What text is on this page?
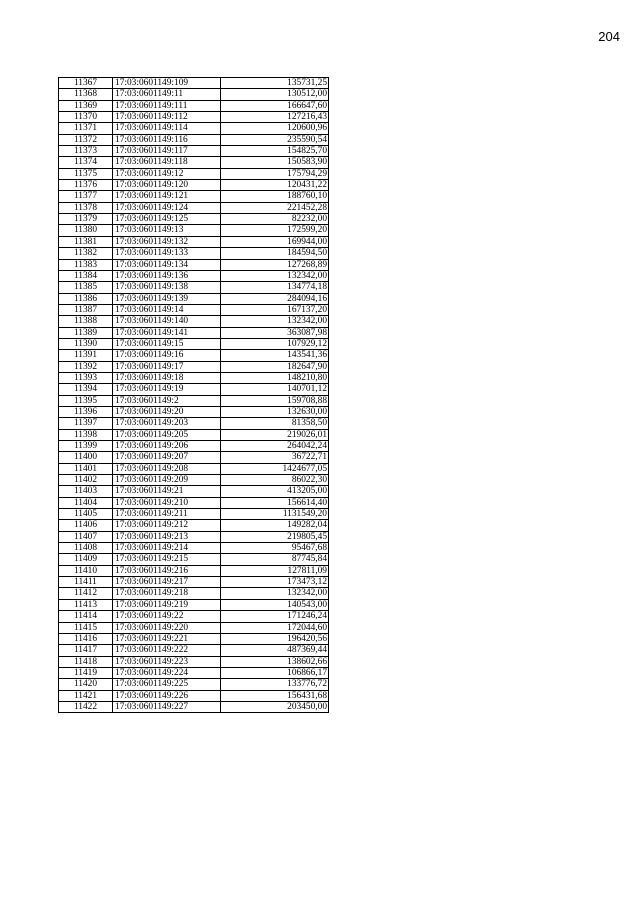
204
11367	17:03:0601149:109	135731,25
11368	17:03:0601149:11	130512,00
11369	17:03:0601149:111	166647,60
11370	17:03:0601149:112	127216,43
11371	17:03:0601149:114	120600,96
11372	17:03:0601149:116	235590,54
11373	17:03:0601149:117	154825,70
11374	17:03:0601149:118	150583,90
11375	17:03:0601149:12	175794,29
11376	17:03:0601149:120	120431,22
11377	17:03:0601149:121	188760,10
11378	17:03:0601149:124	221452,28
11379	17:03:0601149:125	82232,00
11380	17:03:0601149:13	172599,20
11381	17:03:0601149:132	169944,00
11382	17:03:0601149:133	184594,50
11383	17:03:0601149:134	127268,89
11384	17:03:0601149:136	132342,00
11385	17:03:0601149:138	134774,18
11386	17:03:0601149:139	284094,16
11387	17:03:0601149:14	167137,20
11388	17:03:0601149:140	132342,00
11389	17:03:0601149:141	363087,98
11390	17:03:0601149:15	107929,12
11391	17:03:0601149:16	143541,36
11392	17:03:0601149:17	182647,90
11393	17:03:0601149:18	148210,80
11394	17:03:0601149:19	140701,12
11395	17:03:0601149:2	159708,88
11396	17:03:0601149:20	132630,00
11397	17:03:0601149:203	81358,50
11398	17:03:0601149:205	219026,01
11399	17:03:0601149:206	264042,24
11400	17:03:0601149:207	36722,71
11401	17:03:0601149:208	1424677,05
11402	17:03:0601149:209	86022,30
11403	17:03:0601149:21	413205,00
11404	17:03:0601149:210	156614,40
11405	17:03:0601149:211	1131549,20
11406	17:03:0601149:212	149282,04
11407	17:03:0601149:213	219805,45
11408	17:03:0601149:214	95467,68
11409	17:03:0601149:215	87745,84
11410	17:03:0601149:216	127811,09
11411	17:03:0601149:217	173473,12
11412	17:03:0601149:218	132342,00
11413	17:03:0601149:219	140543,00
11414	17:03:0601149:22	171246,24
11415	17:03:0601149:220	172044,60
11416	17:03:0601149:221	196420,56
11417	17:03:0601149:222	487369,44
11418	17:03:0601149:223	138602,66
11419	17:03:0601149:224	106866,17
11420	17:03:0601149:225	133776,72
11421	17:03:0601149:226	156431,68
11422	17:03:0601149:227	203450,00
